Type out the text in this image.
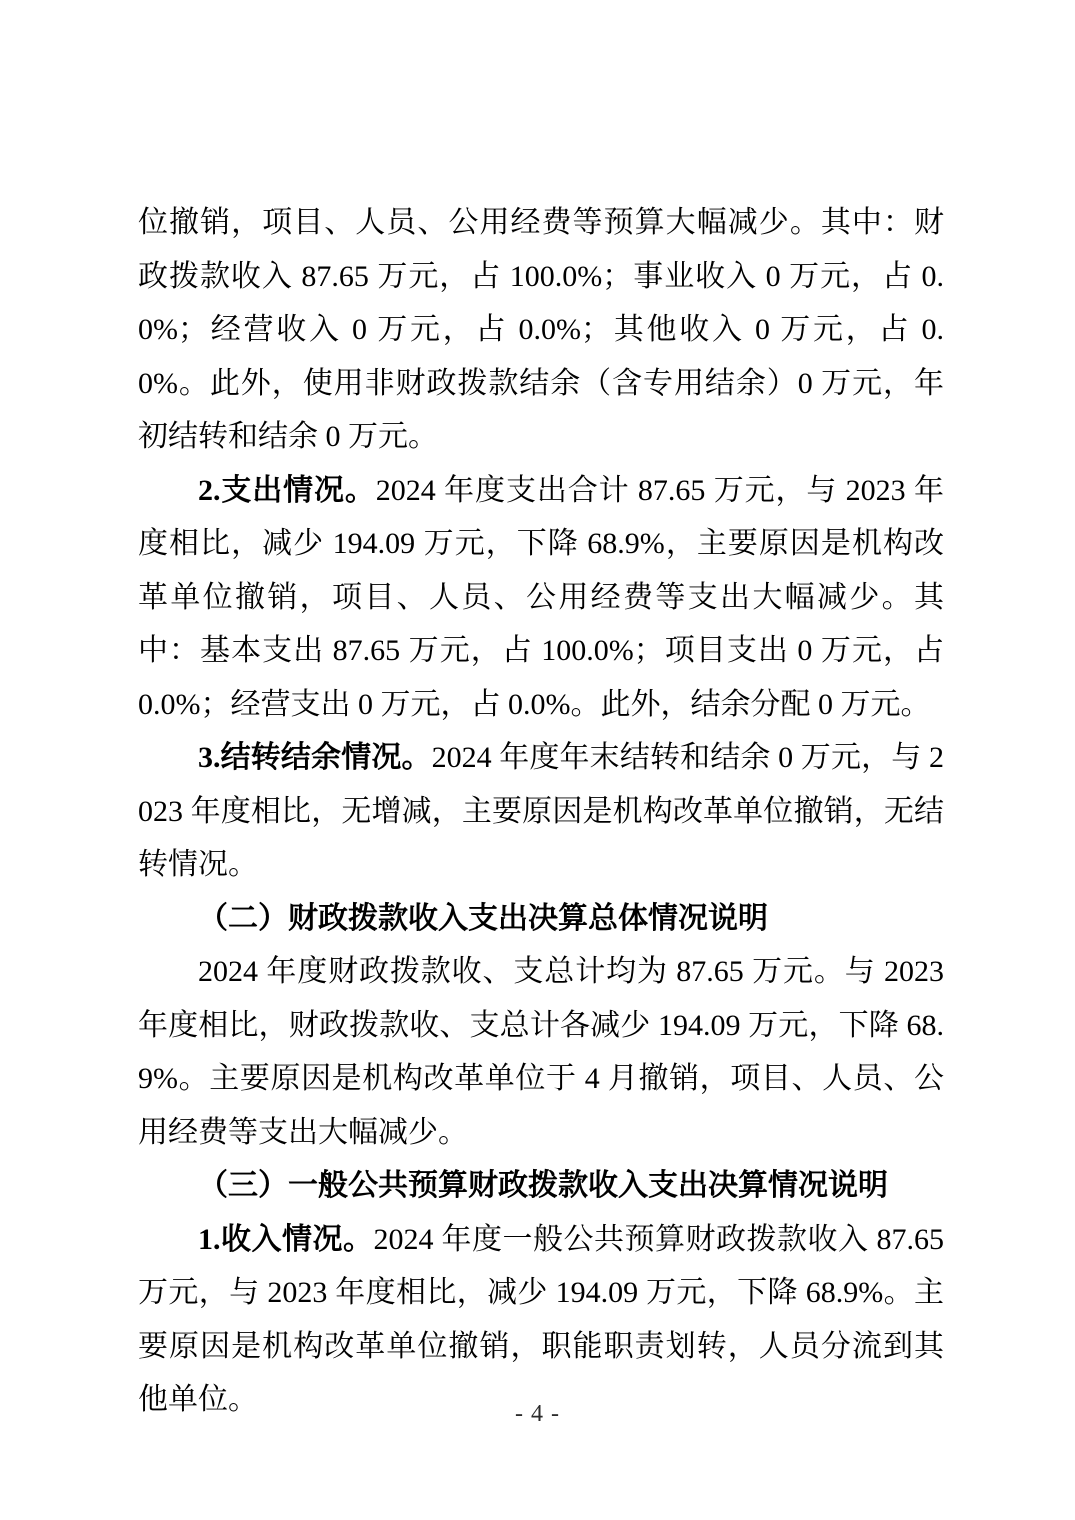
位撤销，项目、人员、公用经费等预算大幅减少。其中：财政拨款收入 87.65 万元，占 100.0%；事业收入 0 万元，占 0.0%；经营收入 0 万元，占 0.0%；其他收入 0 万元，占 0.0%。此外，使用非财政拨款结余（含专用结余）0 万元，年初结转和结余 0 万元。

2.支出情况。2024 年度支出合计 87.65 万元，与 2023 年度相比，减少 194.09 万元，下降 68.9%，主要原因是机构改革单位撤销，项目、人员、公用经费等支出大幅减少。其中：基本支出 87.65 万元，占 100.0%；项目支出 0 万元，占 0.0%；经营支出 0 万元，占 0.0%。此外，结余分配 0 万元。

3.结转结余情况。2024 年度年末结转和结余 0 万元，与 2023 年度相比，无增减，主要原因是机构改革单位撤销，无结转情况。

（二）财政拨款收入支出决算总体情况说明

2024 年度财政拨款收、支总计均为 87.65 万元。与 2023 年度相比，财政拨款收、支总计各减少 194.09 万元，下降 68.9%。主要原因是机构改革单位于 4 月撤销，项目、人员、公用经费等支出大幅减少。

（三）一般公共预算财政拨款收入支出决算情况说明

1.收入情况。2024 年度一般公共预算财政拨款收入 87.65 万元，与 2023 年度相比，减少 194.09 万元，下降 68.9%。主要原因是机构改革单位撤销，职能职责划转，人员分流到其他单位。	- 4 -
